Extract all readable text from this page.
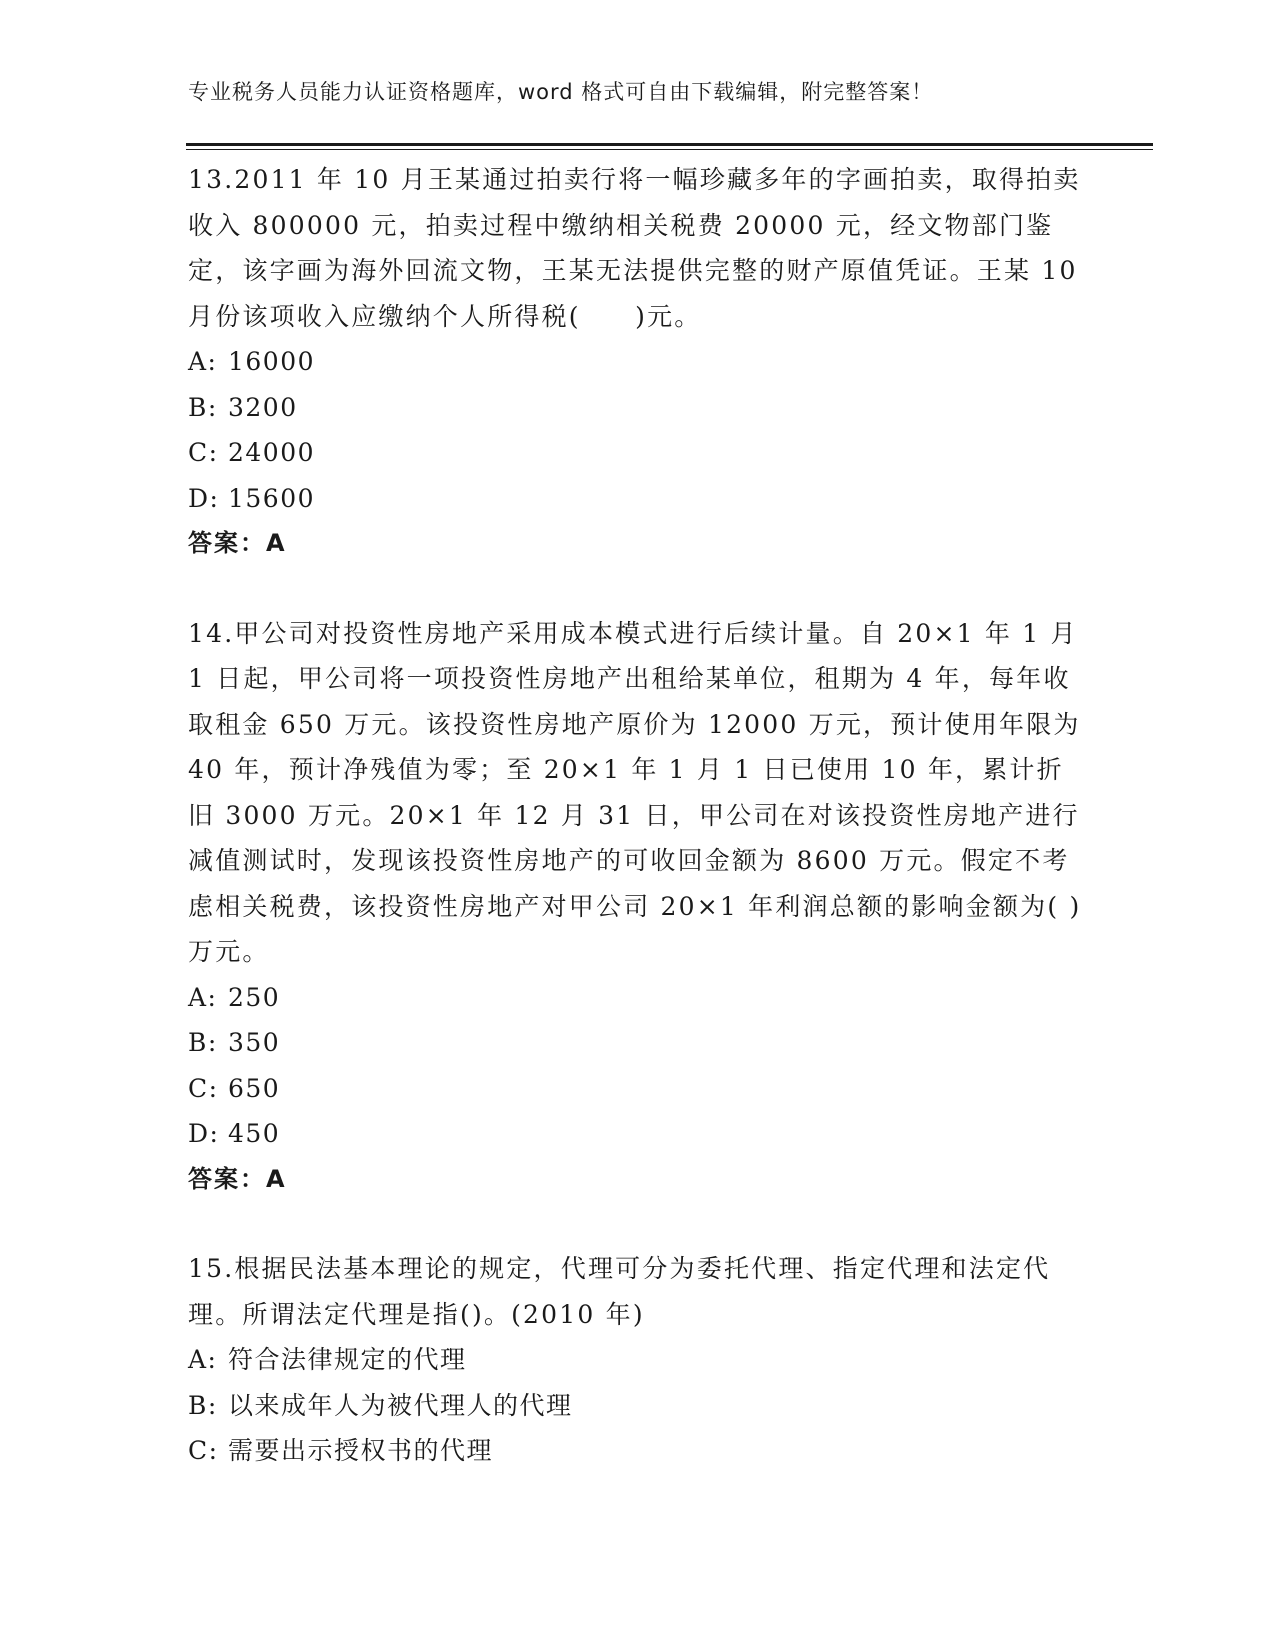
专业税务人员能力认证资格题库，word 格式可自由下载编辑，附完整答案！

13.2011 年 10 月王某通过拍卖行将一幅珍藏多年的字画拍卖，取得拍卖收入 800000 元，拍卖过程中缴纳相关税费 20000 元，经文物部门鉴定，该字画为海外回流文物，王某无法提供完整的财产原值凭证。王某 10 月份该项收入应缴纳个人所得税(　　)元。

A: 16000
B: 3200
C: 24000
D: 15600
答案：A

14.甲公司对投资性房地产采用成本模式进行后续计量。自 20×1 年 1 月 1 日起，甲公司将一项投资性房地产出租给某单位，租期为 4 年，每年收取租金 650 万元。该投资性房地产原价为 12000 万元，预计使用年限为 40 年，预计净残值为零；至 20×1 年 1 月 1 日已使用 10 年，累计折旧 3000 万元。20×1 年 12 月 31 日，甲公司在对该投资性房地产进行减值测试时，发现该投资性房地产的可收回金额为 8600 万元。假定不考虑相关税费，该投资性房地产对甲公司 20×1 年利润总额的影响金额为( )万元。

A: 250
B: 350
C: 650
D: 450
答案：A

15.根据民法基本理论的规定，代理可分为委托代理、指定代理和法定代理。所谓法定代理是指()。(2010 年)

A: 符合法律规定的代理
B: 以来成年人为被代理人的代理
C: 需要出示授权书的代理
